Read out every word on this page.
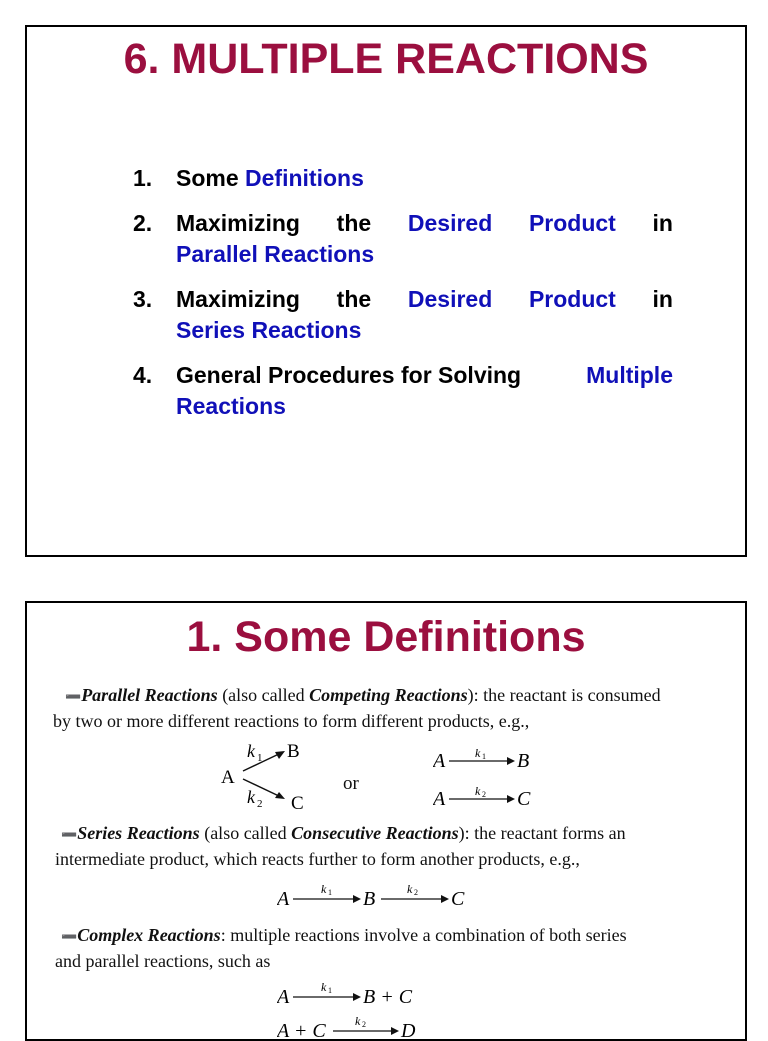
6. MULTIPLE REACTIONS
1. Some Definitions
2. Maximizing the Desired Product in
Parallel Reactions
3. Maximizing the Desired Product in
Series Reactions
4. General Procedures for Solving	Multiple
Reactions
1. Some Definitions
➖Parallel Reactions (also called Competing Reactions): the reactant is consumed
by two or more different reactions to form different products, e.g.,
A
k 1 B
k 2 C
or
A k 1 B
A k 2 C
➖Series Reactions (also called Consecutive Reactions): the reactant forms an
intermediate product, which reacts further to form another products, e.g.,
A	k 1 B	k 2 C
➖Complex Reactions: multiple reactions involve a combination of both series
and parallel reactions, such as
A	k 1 B + C
A + C k 2 D
